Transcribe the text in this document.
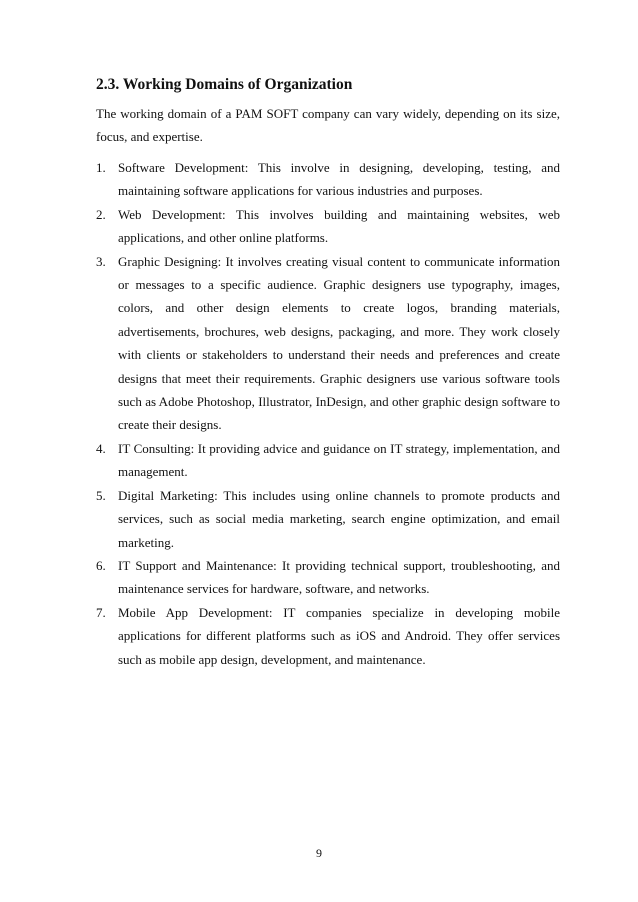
2.3. Working Domains of Organization

The working domain of a PAM SOFT company can vary widely, depending on its size, focus, and expertise.

1. Software Development: This involve in designing, developing, testing, and maintaining software applications for various industries and purposes.
2. Web Development: This involves building and maintaining websites, web applications, and other online platforms.
3. Graphic Designing: It involves creating visual content to communicate information or messages to a specific audience. Graphic designers use typography, images, colors, and other design elements to create logos, branding materials, advertisements, brochures, web designs, packaging, and more. They work closely with clients or stakeholders to understand their needs and preferences and create designs that meet their requirements. Graphic designers use various software tools such as Adobe Photoshop, Illustrator, InDesign, and other graphic design software to create their designs.
4. IT Consulting: It providing advice and guidance on IT strategy, implementation, and management.
5. Digital Marketing: This includes using online channels to promote products and services, such as social media marketing, search engine optimization, and email marketing.
6. IT Support and Maintenance: It providing technical support, troubleshooting, and maintenance services for hardware, software, and networks.
7. Mobile App Development: IT companies specialize in developing mobile applications for different platforms such as iOS and Android. They offer services such as mobile app design, development, and maintenance.
9
